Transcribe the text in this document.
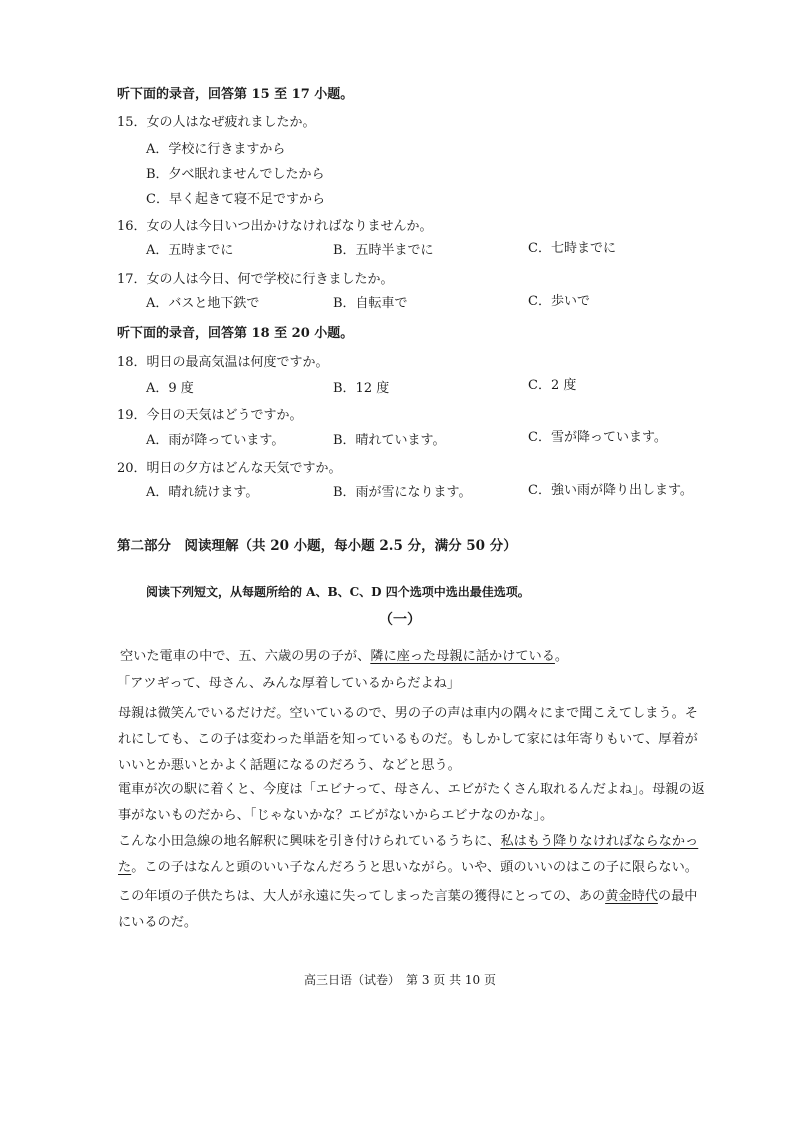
听下面的录音，回答第 15 至 17 小题。
15．女の人はなぜ疲れましたか。
A．学校に行きますから
B．夕べ眠れませんでしたから
C．早く起きて寝不足ですから
16．女の人は今日いつ出かけなければなりませんか。
A．五時までに	B．五時半までに	C．七時までに
17．女の人は今日、何で学校に行きましたか。
A．バスと地下鉄で	B．自転車で	C．歩いで
听下面的录音，回答第 18 至 20 小题。
18．明日の最高気温は何度ですか。
A．9 度	B．12 度	C．2 度
19．今日の天気はどうですか。
A．雨が降っています。	B．晴れています。	C．雪が降っています。
20．明日の夕方はどんな天気ですか。
A．晴れ続けます。	B．雨が雪になります。	C．強い雨が降り出します。
第二部分　阅读理解（共 20 小题，每小题 2.5 分，满分 50 分）
阅读下列短文，从每题所给的 A、B、C、D 四个选项中选出最佳选项。
（一）
空いた電車の中で、五、六歳の男の子が、隣に座った母親に話かけている。
「アツギって、母さん、みんな厚着しているからだよね」
母親は微笑んでいるだけだ。空いているので、男の子の声は車内の隅々にまで聞こえてしまう。それにしても、この子は変わった単語を知っているものだ。もしかして家には年寄りもいて、厚着がいいとか悪いとかよく話題になるのだろう、などと思う。
電車が次の駅に着くと、今度は「エビナって、母さん、エビがたくさん取れるんだよね」。母親の返事がないものだから、「じゃないかな？エビがないからエビナなのかな」。
こんな小田急線の地名解釈に興味を引き付けられているうちに、私はもう降りなければならなかった。この子はなんと頭のいい子なんだろうと思いながら。いや、頭のいいのはこの子に限らない。
この年頃の子供たちは、大人が永遠に失ってしまった言葉の獲得にとっての、あの黄金時代の最中にいるのだ。
高三日语（试卷）　第 3 页 共 10 页
